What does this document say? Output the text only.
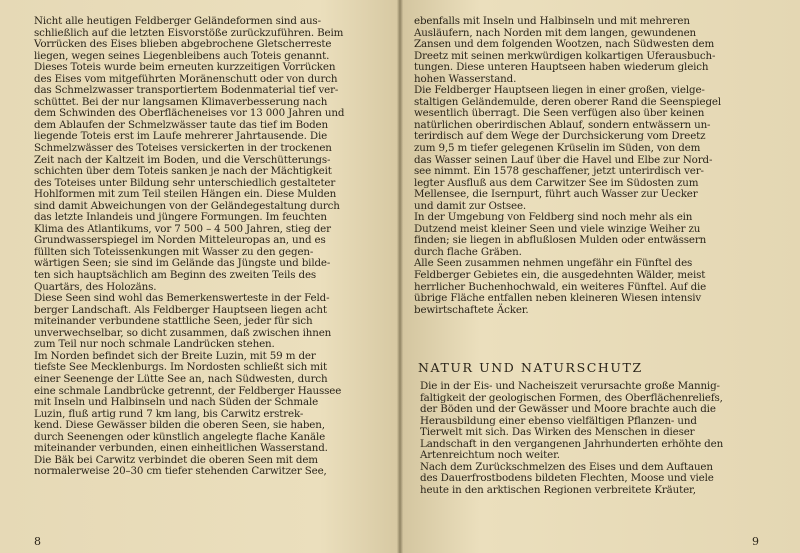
Nicht alle heutigen Feldberger Geländeformen sind aus-
schließlich auf die letzten Eisvorstöße zurückzuführen. Beim
Vorrücken des Eises blieben abgebrochene Gletscherreste
liegen, wegen seines Liegenbleibens auch Toteis genannt.
Dieses Toteis wurde beim erneuten kurzzeitigen Vorrücken
des Eises vom mitgeführten Moränenschutt oder von durch
das Schmelzwasser transportiertem Bodenmaterial tief ver-
schüttet. Bei der nur langsamen Klimaverbesserung nach
dem Schwinden des Oberflächeneises vor 13 000 Jahren und
dem Ablaufen der Schmelzwässer taute das tief im Boden
liegende Toteis erst im Laufe mehrerer Jahrtausende. Die
Schmelzwässer des Toteises versickerten in der trockenen
Zeit nach der Kaltzeit im Boden, und die Verschütterungs-
schichten über dem Toteis sanken je nach der Mächtigkeit
des Toteises unter Bildung sehr unterschiedlich gestalteter
Hohlformen mit zum Teil steilen Hängen ein. Diese Mulden
sind damit Abweichungen von der Geländegestaltung durch
das letzte Inlandeis und jüngere Formungen. Im feuchten
Klima des Atlantikums, vor 7 500 – 4 500 Jahren, stieg der
Grundwasserspiegel im Norden Mitteleuropas an, und es
füllten sich Toteissenkungen mit Wasser zu den gegen-
wärtigen Seen; sie sind im Gelände das Jüngste und bilde-
ten sich hauptsächlich am Beginn des zweiten Teils des
Quartärs, des Holozäns.
Diese Seen sind wohl das Bemerkenswerteste in der Feld-
berger Landschaft. Als Feldberger Hauptseen liegen acht
miteinander verbundene stattliche Seen, jeder für sich
unverwechselbar, so dicht zusammen, daß zwischen ihnen
zum Teil nur noch schmale Landrücken stehen.
Im Norden befindet sich der Breite Luzin, mit 59 m der
tiefste See Mecklenburgs. Im Nordosten schließt sich mit
einer Seenenge der Lütte See an, nach Südwesten, durch
eine schmale Landbrücke getrennt, der Feldberger Haussee
mit Inseln und Halbinseln und nach Süden der Schmale
Luzin, fluß artig rund 7 km lang, bis Carwitz erstrek-
kend. Diese Gewässer bilden die oberen Seen, sie haben,
durch Seenengen oder künstlich angelegte flache Kanäle
miteinander verbunden, einen einheitlichen Wasserstand.
Die Bäk bei Carwitz verbindet die oberen Seen mit dem
normalerweise 20–30 cm tiefer stehenden Carwitzer See,
8
ebenfalls mit Inseln und Halbinseln und mit mehreren
Ausläufern, nach Norden mit dem langen, gewundenen
Zansen und dem folgenden Wootzen, nach Südwesten dem
Dreetz mit seinen merkwürdigen kolkartigen Uferausbuch-
tungen. Diese unteren Hauptseen haben wiederum gleich
hohen Wasserstand.
Die Feldberger Hauptseen liegen in einer großen, vielge-
staltigen Geländemulde, deren oberer Rand die Seenspiegel
wesentlich überragt. Die Seen verfügen also über keinen
natürlichen oberirdischen Ablauf, sondern entwässern un-
terirdisch auf dem Wege der Durchsickerung vom Dreetz
zum 9,5 m tiefer gelegenen Krüselin im Süden, von dem
das Wasser seinen Lauf über die Havel und Elbe zur Nord-
see nimmt. Ein 1578 geschaffener, jetzt unterirdisch ver-
legter Ausfluß aus dem Carwitzer See im Südosten zum
Mellensee, die Isernpurt, führt auch Wasser zur Uecker
und damit zur Ostsee.
In der Umgebung von Feldberg sind noch mehr als ein
Dutzend meist kleiner Seen und viele winzige Weiher zu
finden; sie liegen in abflußlosen Mulden oder entwässern
durch flache Gräben.
Alle Seen zusammen nehmen ungefähr ein Fünftel des
Feldberger Gebietes ein, die ausgedehnten Wälder, meist
herrlicher Buchenhochwald, ein weiteres Fünftel. Auf die
übrige Fläche entfallen neben kleineren Wiesen intensiv
bewirtschaftete Äcker.
NATUR UND NATURSCHUTZ
Die in der Eis- und Nacheiszeit verursachte große Mannig-
faltigkeit der geologischen Formen, des Oberflächenreliefs,
der Böden und der Gewässer und Moore brachte auch die
Herausbildung einer ebenso vielfältigen Pflanzen- und
Tierwelt mit sich. Das Wirken des Menschen in dieser
Landschaft in den vergangenen Jahrhunderten erhöhte den
Artenreichtum noch weiter.
Nach dem Zurückschmelzen des Eises und dem Auftauen
des Dauerfrostbodens bildeten Flechten, Moose und viele
heute in den arktischen Regionen verbreitete Kräuter,
9
